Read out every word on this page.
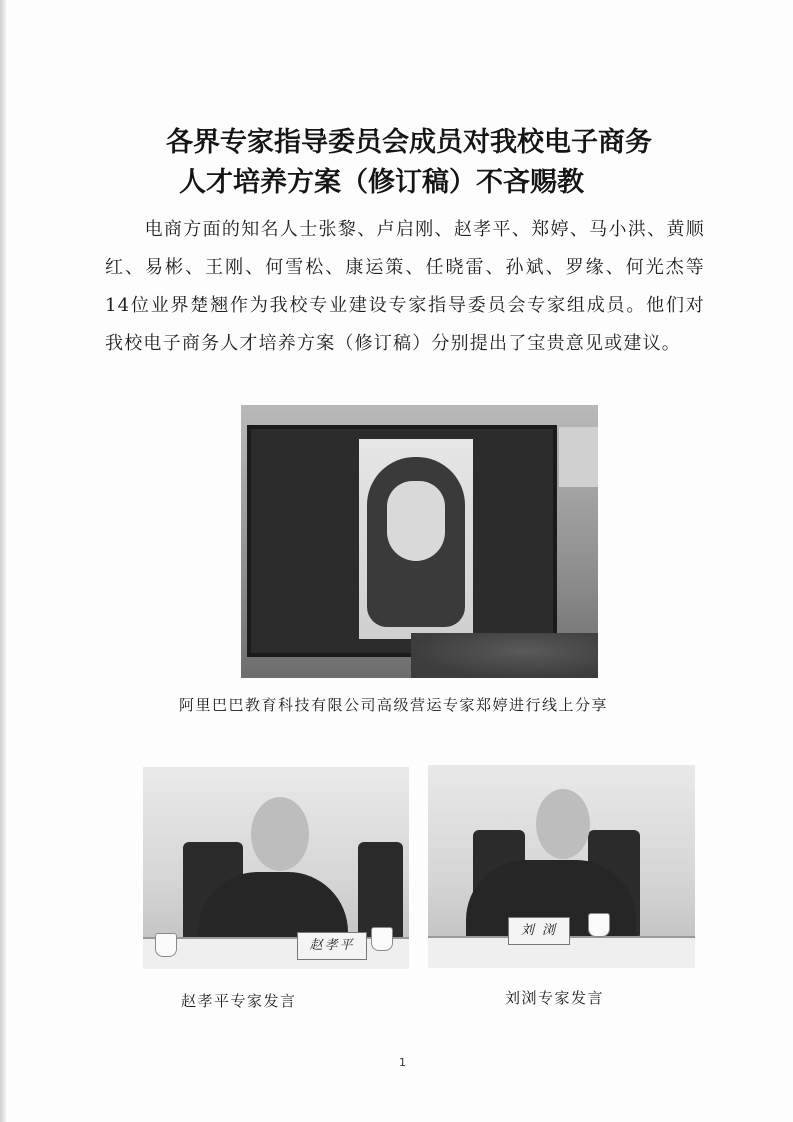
各界专家指导委员会成员对我校电子商务
人才培养方案（修订稿）不吝赐教
电商方面的知名人士张黎、卢启刚、赵孝平、郑婷、马小洪、黄顺红、易彬、王刚、何雪松、康运策、任晓雷、孙斌、罗缘、何光杰等14位业界楚翘作为我校专业建设专家指导委员会专家组成员。他们对我校电子商务人才培养方案（修订稿）分别提出了宝贵意见或建议。
阿里巴巴教育科技有限公司高级营运专家郑婷进行线上分享
赵孝平
赵孝平专家发言
刘 浏
刘浏专家发言
1
